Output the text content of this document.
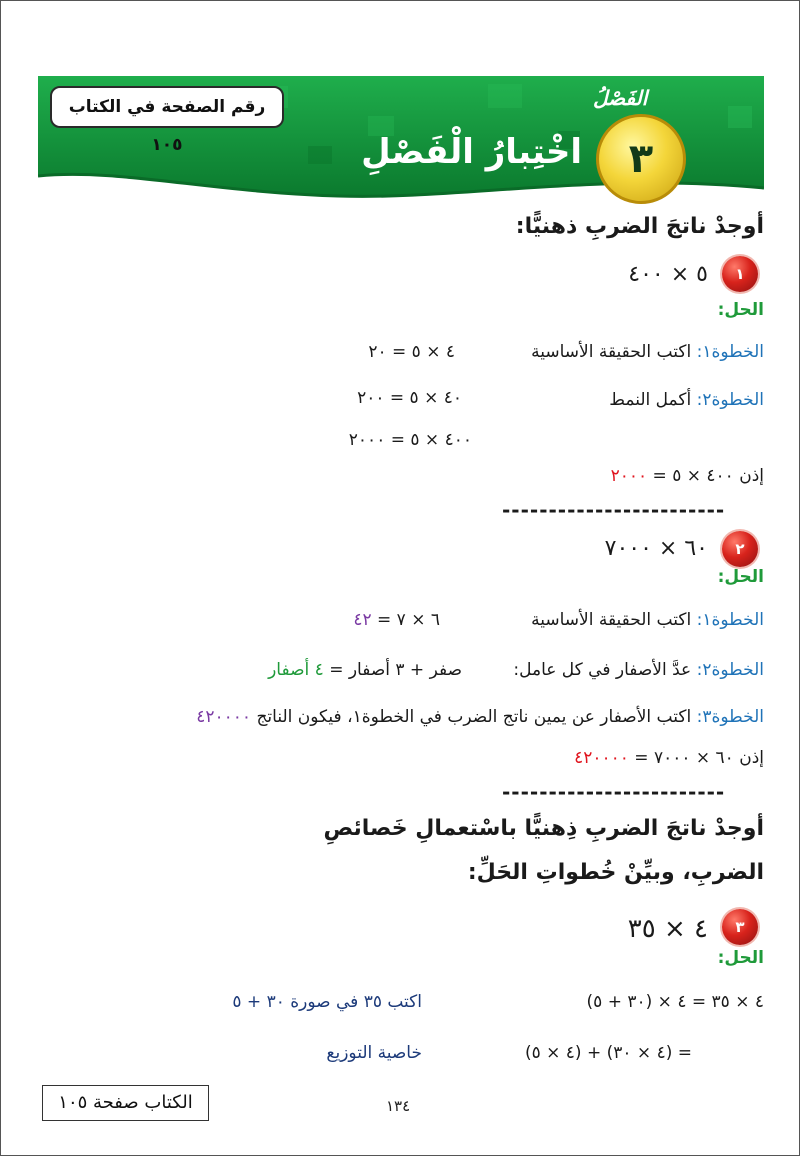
رقم الصفحة في الكتاب ١٠٥
الفَصْلُ
٣
اخْتِبارُ الْفَصْلِ
أوجدْ ناتجَ الضربِ ذهنيًّا:
١
٥ × ٤٠٠
الحل:
الخطوة١: اكتب الحقيقة الأساسية
٤ × ٥ = ٢٠
الخطوة٢: أكمل النمط
٤٠ × ٥ = ٢٠٠
٤٠٠ × ٥ = ٢٠٠٠
إذن ٤٠٠ × ٥ = ٢٠٠٠
------------------------
٢
٦٠ × ٧٠٠٠
الحل:
الخطوة١: اكتب الحقيقة الأساسية
٦ × ٧ = ٤٢
الخطوة٢: عدَّ الأصفار في كل عامل:
صفر + ٣ أصفار = ٤ أصفار
الخطوة٣: اكتب الأصفار عن يمين ناتج الضرب في الخطوة١، فيكون الناتج ٤٢٠٠٠٠
إذن ٦٠ × ٧٠٠٠ = ٤٢٠٠٠٠
------------------------
أوجدْ ناتجَ الضربِ ذِهنيًّا باسْتعمالِ خَصائصِ
الضربِ، وبيِّنْ خُطواتِ الحَلِّ:
٣
٤ × ٣٥
الحل:
٤ × ٣٥ = ٤ × (٣٠ + ٥)
اكتب ٣٥ في صورة ٣٠ + ٥
= (٤ × ٣٠) + (٤ × ٥)
خاصية التوزيع
الكتاب صفحة ١٠٥	١٣٤
